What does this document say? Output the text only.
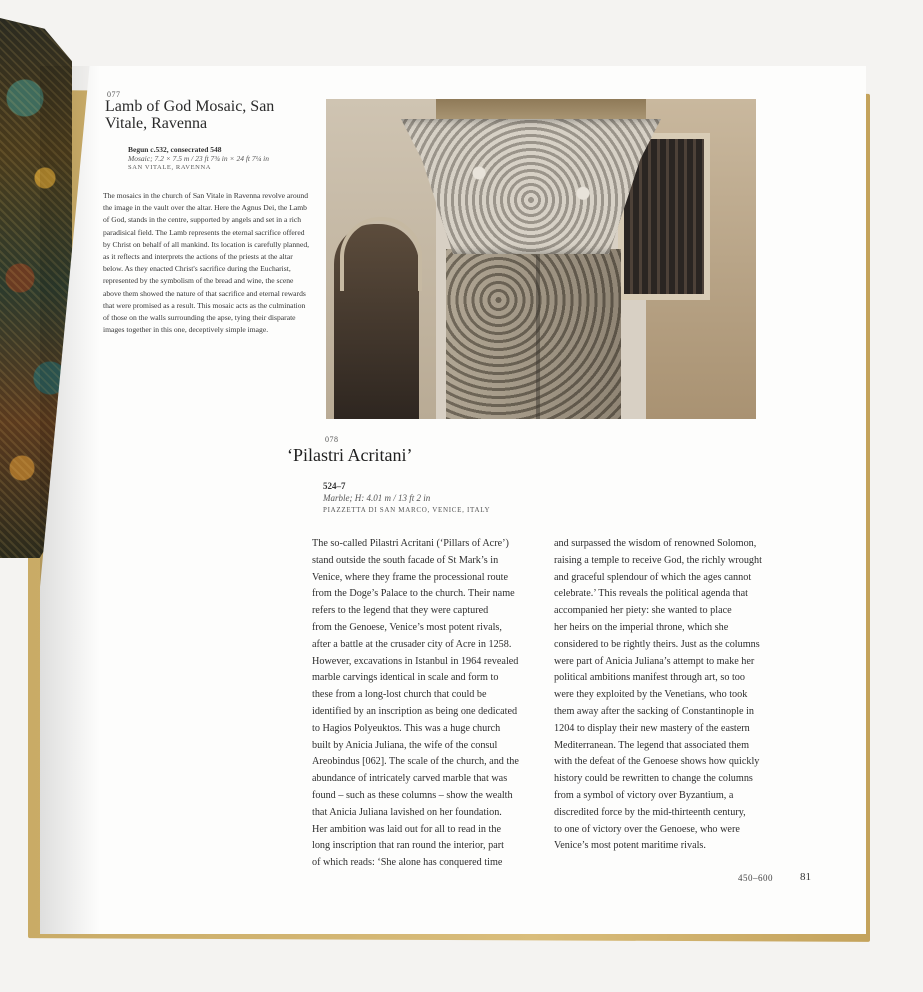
077
Lamb of God Mosaic, San Vitale, Ravenna
Begun c.532, consecrated 548
Mosaic; 7.2 × 7.5 m / 23 ft 7¾ in × 24 ft 7¼ in
SAN VITALE, RAVENNA
The mosaics in the church of San Vitale in Ravenna revolve around the image in the vault over the altar. Here the Agnus Dei, the Lamb of God, stands in the centre, supported by angels and set in a rich paradisical field. The Lamb represents the eternal sacrifice offered by Christ on behalf of all mankind. Its location is carefully planned, as it reflects and interprets the actions of the priests at the altar below. As they enacted Christ's sacrifice during the Eucharist, represented by the symbolism of the bread and wine, the scene above them showed the nature of that sacrifice and eternal rewards that were promised as a result. This mosaic acts as the culmination of those on the walls surrounding the apse, tying their disparate images together in this one, deceptively simple image.
078
‘Pilastri Acritani’
524–7
Marble; H: 4.01 m / 13 ft 2 in
PIAZZETTA DI SAN MARCO, VENICE, ITALY

The so-called Pilastri Acritani (‘Pillars of Acre’)

stand outside the south facade of St Mark’s in

Venice, where they frame the processional route

from the Doge’s Palace to the church. Their name

refers to the legend that they were captured

from the Genoese, Venice’s most potent rivals,

after a battle at the crusader city of Acre in 1258.

However, excavations in Istanbul in 1964 revealed

marble carvings identical in scale and form to

these from a long-lost church that could be

identified by an inscription as being one dedicated

to Hagios Polyeuktos. This was a huge church

built by Anicia Juliana, the wife of the consul

Areobindus [062]. The scale of the church, and the

abundance of intricately carved marble that was

found – such as these columns – show the wealth

that Anicia Juliana lavished on her foundation.

Her ambition was laid out for all to read in the

long inscription that ran round the interior, part

of which reads: ‘She alone has conquered time

and surpassed the wisdom of renowned Solomon,

raising a temple to receive God, the richly wrought

and graceful splendour of which the ages cannot

celebrate.’ This reveals the political agenda that

accompanied her piety: she wanted to place

her heirs on the imperial throne, which she

considered to be rightly theirs. Just as the columns

were part of Anicia Juliana’s attempt to make her

political ambitions manifest through art, so too

were they exploited by the Venetians, who took

them away after the sacking of Constantinople in

1204 to display their new mastery of the eastern

Mediterranean. The legend that associated them

with the defeat of the Genoese shows how quickly

history could be rewritten to change the columns

from a symbol of victory over Byzantium, a

discredited force by the mid-thirteenth century,

to one of victory over the Genoese, who were

Venice’s most potent maritime rivals.

450–600 81
